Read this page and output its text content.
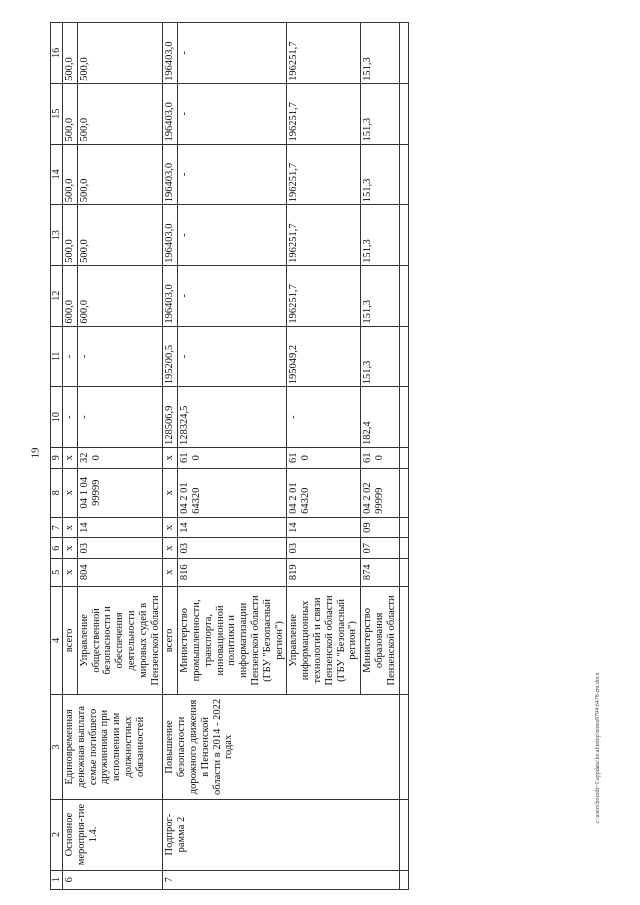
19
c:\users\borodi~1\appdata\local\temp\notes8794\6478-rm.docx
1	2	3	4	5	6	7	8	9	10	11	12	13	14	15	16
6	Основное мероприя-тие 1.4.	Единовременная денежная выплата семье погибшего дружинника при исполнении им должностных обязанностей	всего	x	x	x	x	x	-	-	600,0	500,0	500,0	500,0	500,0
			Управление общественной безопасности и обеспечения деятельности мировых судей в Пензенской области	804	03	14	04 1 04 99999	320	-	-	600,0	500,0	500,0	500,0	500,0
7	Подпрог-рамма 2	Повышение безопасности дорожного движения в Пензенской области в 2014 - 2022 годах	всего	x	x	x	x	x	128506,9	195200,5	196403,0	196403,0	196403,0	196403,0	196403,0
			Министерство промышленности, транспорта, инновационной политики и информатизации Пензенской области (ГБУ "Безопасный регион")	816	03	14	04 2 01 64320	610	128324,5	-	-	-	-	-	-
			Управление информационных технологий и связи Пензенской области (ГБУ "Безопасный регион")	819	03	14	04 2 01 64320	610	-	195049,2	196251,7	196251,7	196251,7	196251,7	196251,7
			Министерство образования Пензенской области	874	07	09	04 2 02 99999	610	182,4	151,3	151,3	151,3	151,3	151,3	151,3
